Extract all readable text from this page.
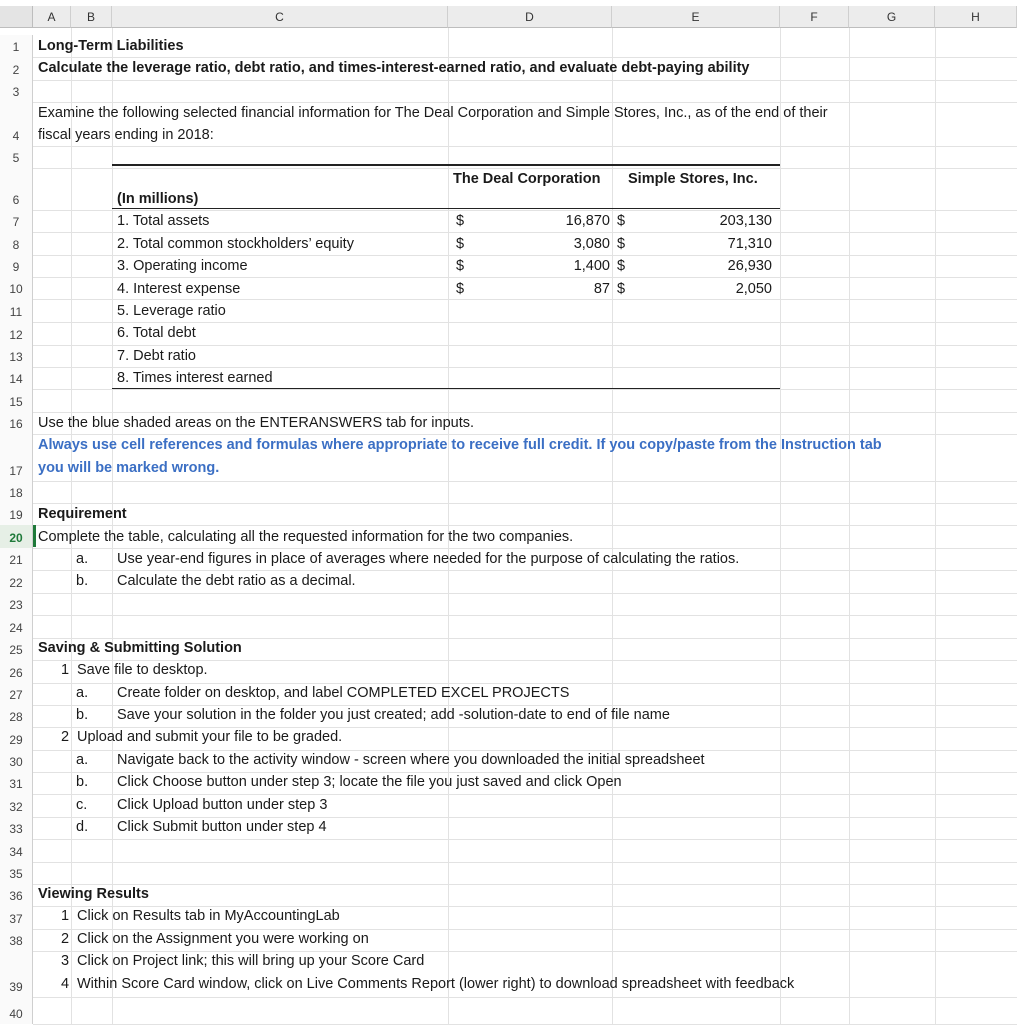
A	B	C	D	E	F	G	H
1
2
3
4
5
6
7
8
9
10
11
12
13
14
15
16
17
18
19
20
21
22
23
24
25
26
27
28
29
30
31
32
33
34
35
36
37
38
39
40
Long-Term Liabilities
Calculate the leverage ratio, debt ratio, and times-interest-earned ratio, and evaluate debt-paying ability
Examine the following selected financial information for The Deal Corporation and Simple Stores, Inc., as of the end of their
fiscal years ending in 2018:
The Deal Corporation Simple Stores, Inc.
(In millions)
1. Total assets	$	16,870 $	203,130
2. Total common stockholders’ equity	$	3,080 $	71,310
3. Operating income	$	1,400 $	26,930
4. Interest expense	$	87 $	2,050
5. Leverage ratio
6. Total debt
7. Debt ratio
8. Times interest earned
Use the blue shaded areas on the ENTERANSWERS tab for inputs.
Always use cell references and formulas where appropriate to receive full credit. If you copy/paste from the Instruction tab
you will be marked wrong.
Requirement
Complete the table, calculating all the requested information for the two companies.
a. Use year-end figures in place of averages where needed for the purpose of calculating the ratios.
b. Calculate the debt ratio as a decimal.
Saving & Submitting Solution
1 Save file to desktop.
a. Create folder on desktop, and label COMPLETED EXCEL PROJECTS
b. Save your solution in the folder you just created; add -solution-date to end of file name
2 Upload and submit your file to be graded.
a. Navigate back to the activity window - screen where you downloaded the initial spreadsheet
b. Click Choose button under step 3; locate the file you just saved and click Open
c. Click Upload button under step 3
d. Click Submit button under step 4
Viewing Results
1 Click on Results tab in MyAccountingLab
2 Click on the Assignment you were working on
3 Click on Project link; this will bring up your Score Card
4 Within Score Card window, click on Live Comments Report (lower right) to download spreadsheet with feedback
